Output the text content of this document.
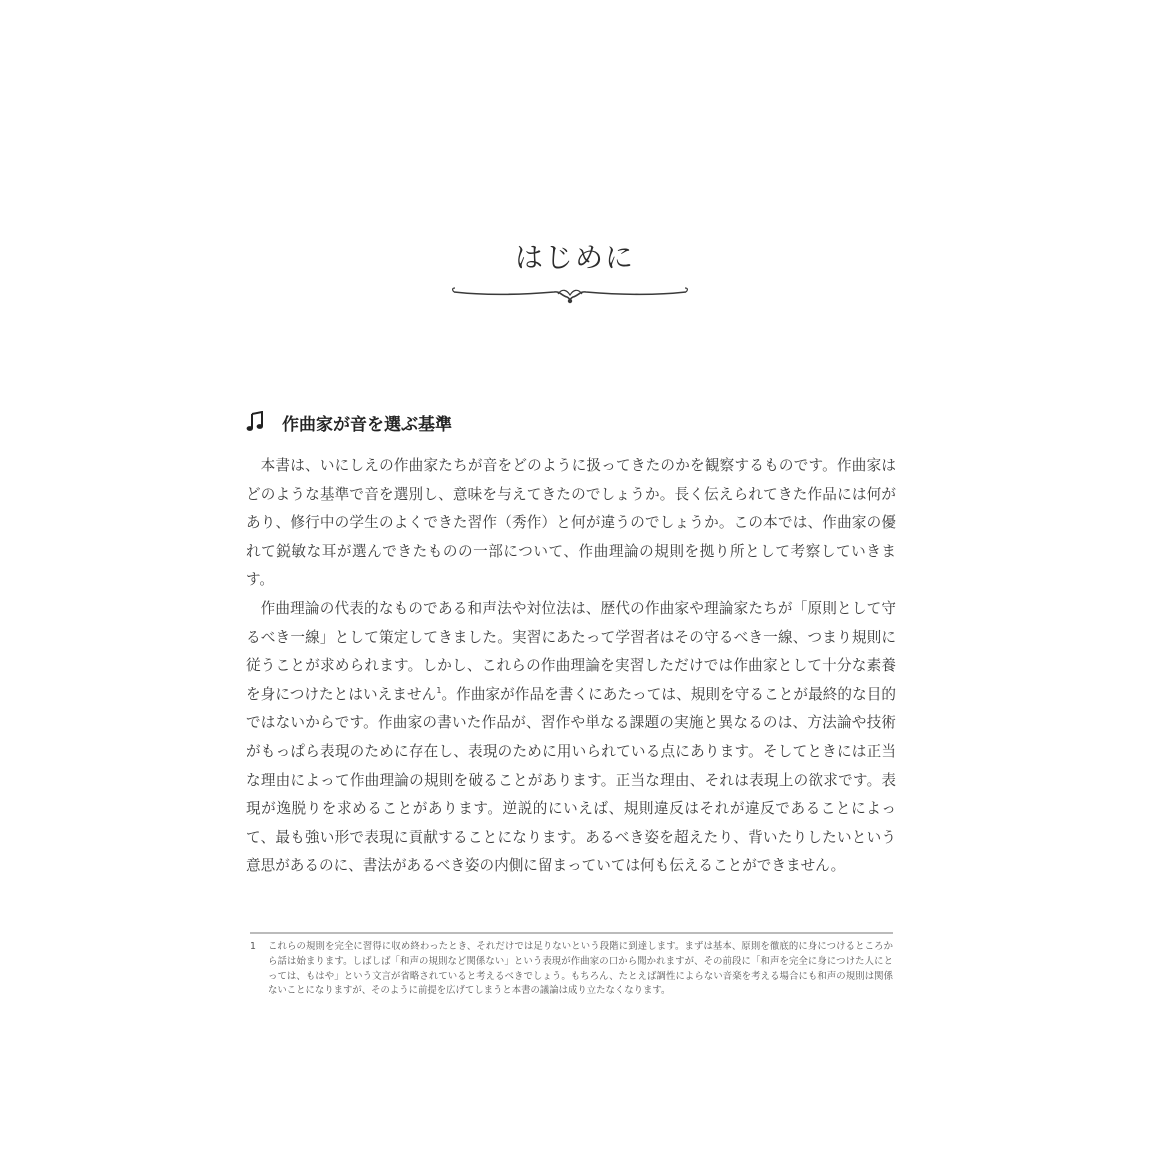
はじめに
作曲家が音を選ぶ基準

本書は、いにしえの作曲家たちが音をどのように扱ってきたのかを観察するものです。作曲家はどのような基準で音を選別し、意味を与えてきたのでしょうか。長く伝えられてきた作品には何があり、修行中の学生のよくできた習作（秀作）と何が違うのでしょうか。この本では、作曲家の優れて鋭敏な耳が選んできたものの一部について、作曲理論の規則を拠り所として考察していきます。

作曲理論の代表的なものである和声法や対位法は、歴代の作曲家や理論家たちが「原則として守るべき一線」として策定してきました。実習にあたって学習者はその守るべき一線、つまり規則に従うことが求められます。しかし、これらの作曲理論を実習しただけでは作曲家として十分な素養を身につけたとはいえません$^1$。作曲家が作品を書くにあたっては、規則を守ることが最終的な目的ではないからです。作曲家の書いた作品が、習作や単なる課題の実施と異なるのは、方法論や技術がもっぱら表現のために存在し、表現のために用いられている点にあります。そしてときには正当な理由によって作曲理論の規則を破ることがあります。正当な理由、それは表現上の欲求です。表現が逸脱りを求めることがあります。逆説的にいえば、規則違反はそれが違反であることによって、最も強い形で表現に貢献することになります。あるべき姿を超えたり、背いたりしたいという意思があるのに、書法があるべき姿の内側に留まっていては何も伝えることができません。

1	これらの規則を完全に習得に収め終わったとき、それだけでは足りないという段階に到達します。まずは基本、原則を徹底的に身につけるところから話は始まります。しばしば「和声の規則など関係ない」という表現が作曲家の口から聞かれますが、その前段に「和声を完全に身につけた人にとっては、もはや」という文言が省略されていると考えるべきでしょう。もちろん、たとえば調性によらない音楽を考える場合にも和声の規則は関係ないことになりますが、そのように前提を広げてしまうと本書の議論は成り立たなくなります。
